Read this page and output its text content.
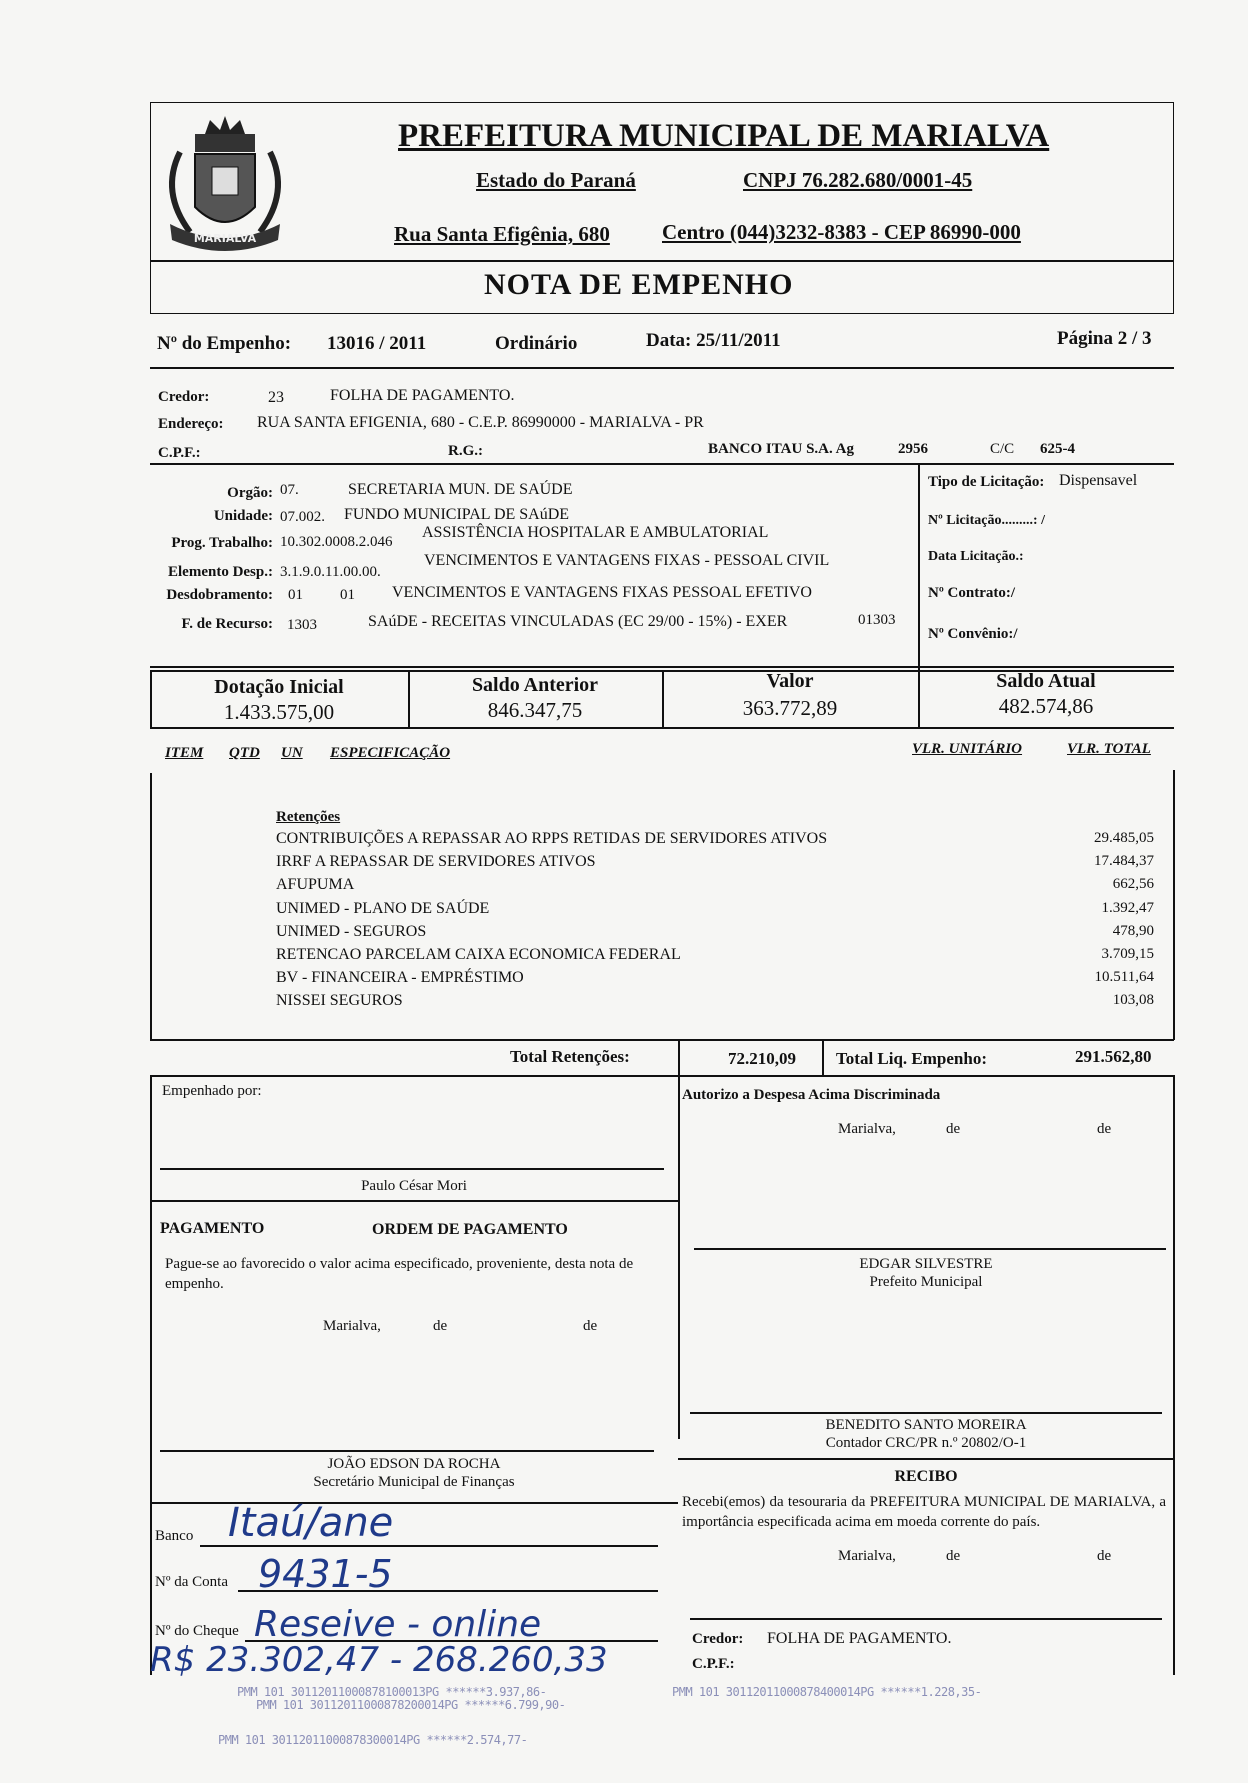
MARIALVA
PREFEITURA MUNICIPAL DE MARIALVA
Estado do Paraná	CNPJ 76.282.680/0001-45
Rua Santa Efigênia, 680 Centro (044)3232-8383 - CEP 86990-000
NOTA DE EMPENHO
Nº do Empenho: 13016 / 2011	Ordinário	Data: 25/11/2011	Página 2 / 3
Credor:	23	FOLHA DE PAGAMENTO.
Endereço: RUA SANTA EFIGENIA, 680 - C.E.P. 86990000 - MARIALVA - PR
C.P.F.:	R.G.:	BANCO ITAU S.A. Ag	2956	C/C 625-4
Orgão: 07.	SECRETARIA MUN. DE SAÚDE
Unidade: 07.002. FUNDO MUNICIPAL DE SAúDE
Prog. Trabalho: 10.302.0008.2.046
ASSISTÊNCIA HOSPITALAR E AMBULATORIAL
Elemento Desp.: 3.1.9.0.11.00.00.
VENCIMENTOS E VANTAGENS FIXAS - PESSOAL CIVIL
Desdobramento: 01 01 VENCIMENTOS E VANTAGENS FIXAS PESSOAL EFETIVO
F. de Recurso: 1303	SAúDE - RECEITAS VINCULADAS (EC 29/00 - 15%) - EXER	01303
Tipo de Licitação: Dispensavel
Nº Licitação.........: /
Data Licitação.:
Nº Contrato:/
Nº Convênio:/
Dotação Inicial
1.433.575,00
Saldo Anterior
846.347,75
Valor
363.772,89
Saldo Atual
482.574,86
ITEM QTD UN ESPECIFICAÇÃO	VLR. UNITÁRIO	VLR. TOTAL
Retenções
CONTRIBUIÇÕES A REPASSAR AO RPPS RETIDAS DE SERVIDORES ATIVOS	29.485,05
IRRF A REPASSAR DE SERVIDORES ATIVOS	17.484,37
AFUPUMA	662,56
UNIMED - PLANO DE SAÚDE	1.392,47
UNIMED - SEGUROS	478,90
RETENCAO PARCELAM CAIXA ECONOMICA FEDERAL	3.709,15
BV - FINANCEIRA - EMPRÉSTIMO	10.511,64
NISSEI SEGUROS	103,08
Total Retenções:	72.210,09 Total Liq. Empenho:	291.562,80
Empenhado por:
Paulo César Mori
Autorizo a Despesa Acima Discriminada
Marialva,	de	de
EDGAR SILVESTRE
Prefeito Municipal
PAGAMENTO	ORDEM DE PAGAMENTO
Pague-se ao favorecido o valor acima especificado, proveniente, desta nota de empenho.
Marialva,	de	de
JOÃO EDSON DA ROCHA
Secretário Municipal de Finanças
BENEDITO SANTO MOREIRA
Contador CRC/PR n.º 20802/O-1
RECIBO
Recebi(emos) da tesouraria da PREFEITURA MUNICIPAL DE MARIALVA, a importância especificada acima em moeda corrente do país.
Marialva,	de	de
Credor: FOLHA DE PAGAMENTO.
C.P.F.:
Banco
Nº da Conta
Nº do Cheque
Itaú/ane
9431-5
Reseive - online
R$ 23.302,47 - 268.260,33
PMM 101 30112011000878100013PG ******3.937,86-
PMM 101 30112011000878200014PG ******6.799,90-
PMM 101 30112011000878300014PG ******2.574,77-
PMM 101 30112011000878400014PG ******1.228,35-
